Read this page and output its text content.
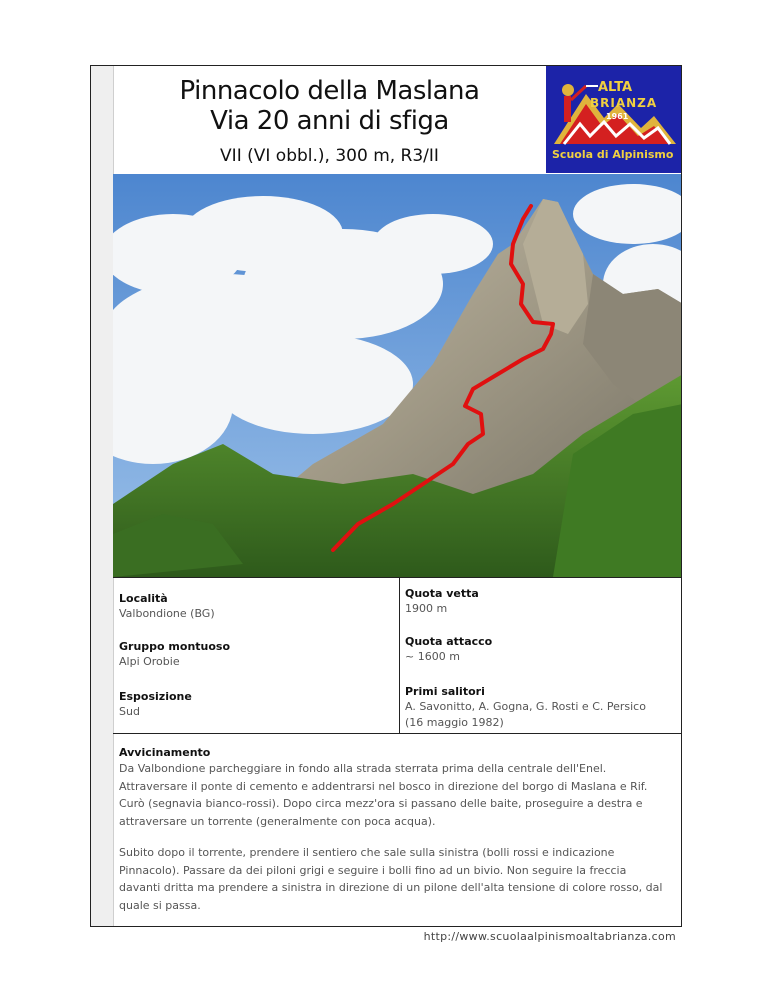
Pinnacolo della Maslana
Via 20 anni di sfiga
VII (VI obbl.), 300 m, R3/II
ALTA
BRIANZA
1961
Scuola di Alpinismo
Località
Valbondione (BG)
Quota vetta
1900 m
Gruppo montuoso
Alpi Orobie
Quota attacco
~ 1600 m
Esposizione
Sud
Primi salitori
A. Savonitto, A. Gogna, G. Rosti e C. Persico
(16 maggio 1982)
Avvicinamento

Da Valbondione parcheggiare in fondo alla strada sterrata prima della centrale dell'Enel. Attraversare il ponte di cemento e addentrarsi nel bosco in direzione del borgo di Maslana e Rif. Curò (segnavia bianco-rossi). Dopo circa mezz'ora si passano delle baite, proseguire a destra e attraversare un torrente (generalmente con poca acqua).

Subito dopo il torrente, prendere il sentiero che sale sulla sinistra (bolli rossi e indicazione Pinnacolo). Passare da dei piloni grigi e seguire i bolli fino ad un bivio. Non seguire la freccia davanti dritta ma prendere a sinistra in direzione di un pilone dell'alta tensione di colore rosso, dal quale si passa.

http://www.scuolaalpinismoaltabrianza.com
